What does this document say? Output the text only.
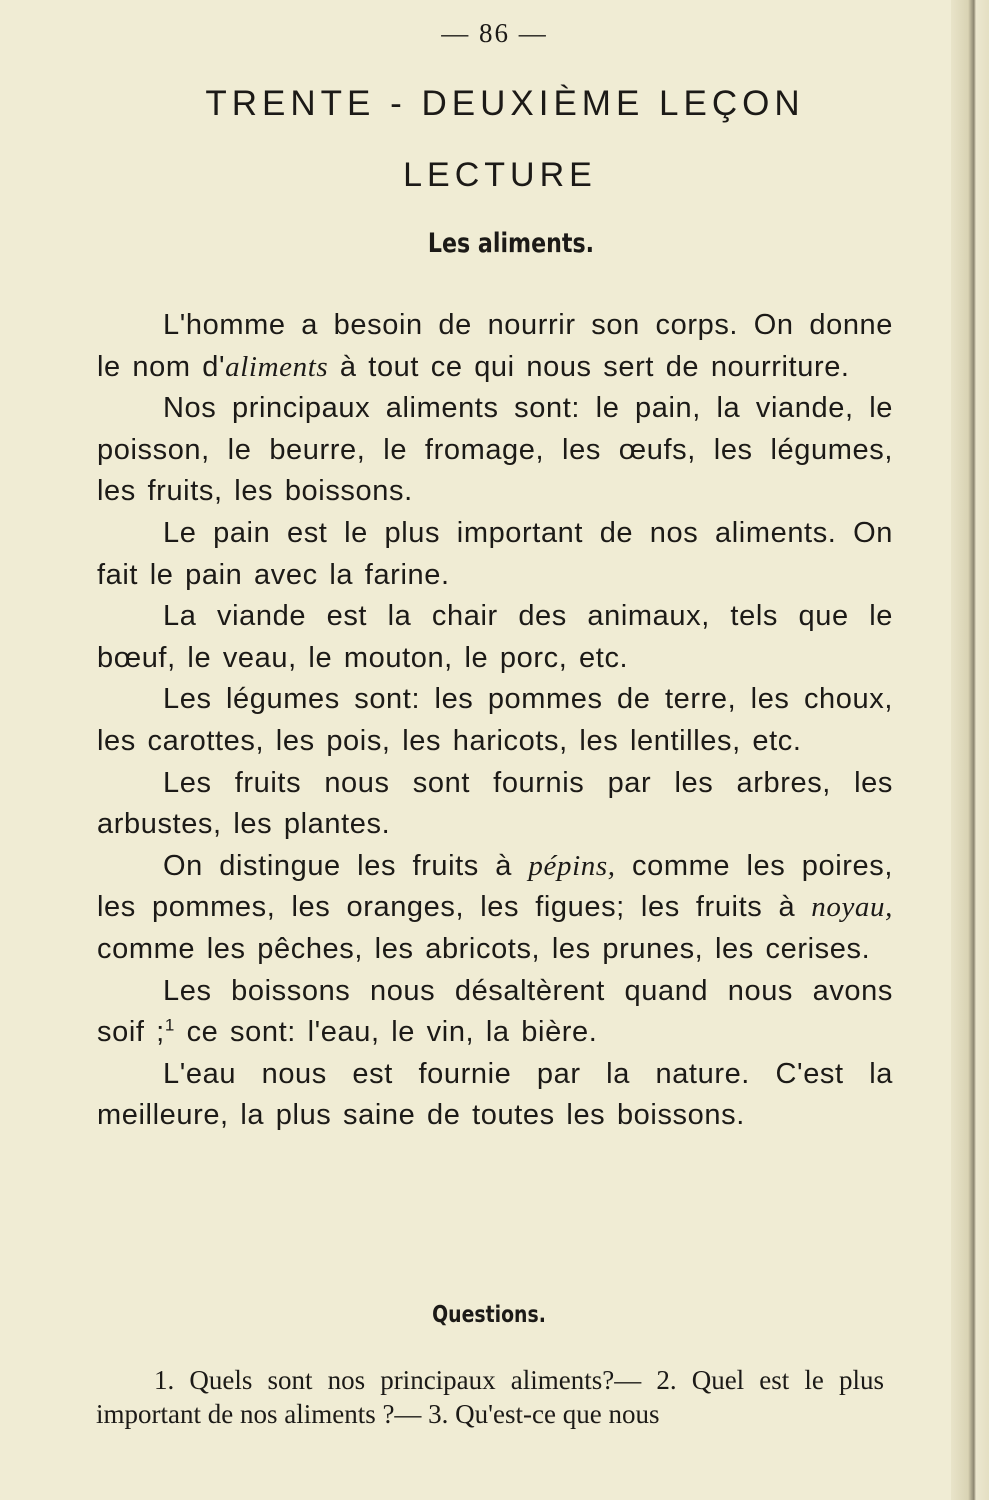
— 86 —
TRENTE - DEUXIÈME LEÇON
LECTURE
Les aliments.

L'homme a besoin de nourrir son corps. On donne le nom d'aliments à tout ce qui nous sert de nourriture.

Nos principaux aliments sont: le pain, la viande, le poisson, le beurre, le fromage, les œufs, les légumes, les fruits, les boissons.

Le pain est le plus important de nos aliments. On fait le pain avec la farine.

La viande est la chair des animaux, tels que le bœuf, le veau, le mouton, le porc, etc.

Les légumes sont: les pommes de terre, les choux, les carottes, les pois, les haricots, les lentilles, etc.

Les fruits nous sont fournis par les arbres, les arbustes, les plantes.

On distingue les fruits à pépins, comme les poires, les pommes, les oranges, les figues; les fruits à noyau, comme les pêches, les abricots, les prunes, les cerises.

Les boissons nous désaltèrent quand nous avons soif ;$^1$ ce sont: l'eau, le vin, la bière.

L'eau nous est fournie par la nature. C'est la meilleure, la plus saine de toutes les boissons.

Questions.

1. Quels sont nos principaux aliments?— 2. Quel est le plus important de nos aliments ?— 3. Qu'est-ce que nous
